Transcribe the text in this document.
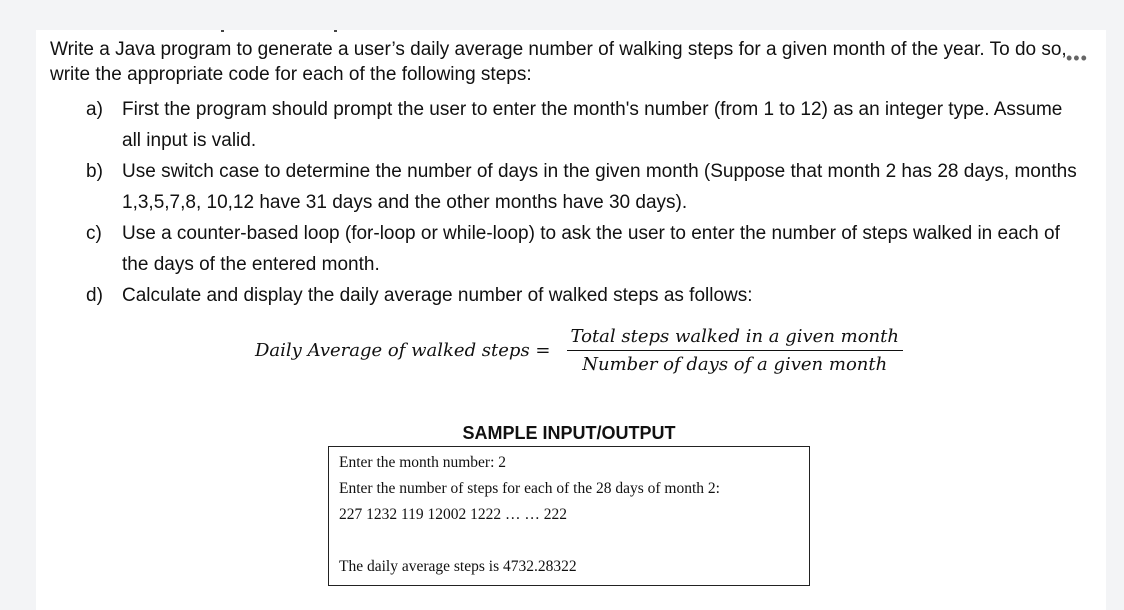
Write a Java program to generate a user’s daily average number of walking steps for a given month of the year. To do so, write the appropriate code for each of the following steps:

•••
a) First the program should prompt the user to enter the month's number (from 1 to 12) as an integer type. Assume all input is valid.
b) Use switch case to determine the number of days in the given month (Suppose that month 2 has 28 days, months 1,3,5,7,8, 10,12 have 31 days and the other months have 30 days).
c) Use a counter-based loop (for-loop or while-loop) to ask the user to enter the number of steps walked in each of the days of the entered month.
d) Calculate and display the daily average number of walked steps as follows:
Daily Average of walked steps = $\frac{\text{Total steps walked in a given month}}{\text{Number of days of a given month}}$
SAMPLE INPUT/OUTPUT
Enter the month number: 2
Enter the number of steps for each of the 28 days of month 2:
227 1232 119 12002 1222 … … 222
The daily average steps is 4732.28322
